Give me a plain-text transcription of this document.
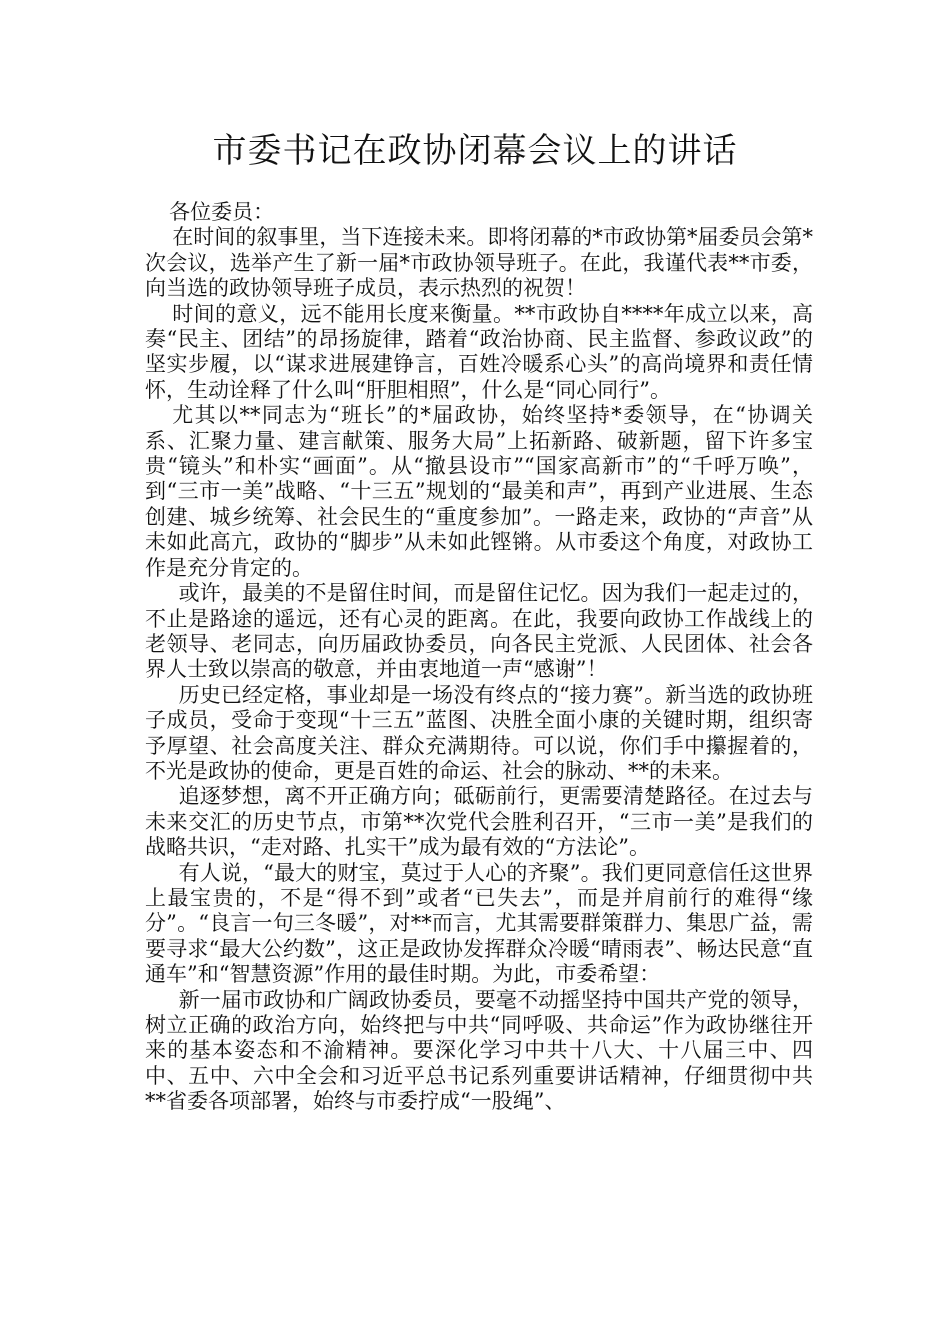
市委书记在政协闭幕会议上的讲话

各位委员：

在时间的叙事里，当下连接未来。即将闭幕的*市政协第*届委员会第*次会议，选举产生了新一届*市政协领导班子。在此，我谨代表**市委，向当选的政协领导班子成员，表示热烈的祝贺！

时间的意义，远不能用长度来衡量。**市政协自****年成立以来，高奏“民主、团结”的昂扬旋律，踏着“政治协商、民主监督、参政议政”的坚实步履，以“谋求进展建铮言，百姓冷暖系心头”的高尚境界和责任情怀，生动诠释了什么叫“肝胆相照”，什么是“同心同行”。

尤其以**同志为“班长”的*届政协，始终坚持*委领导，在“协调关系、汇聚力量、建言献策、服务大局”上拓新路、破新题，留下许多宝贵“镜头”和朴实“画面”。从“撤县设市”“国家高新市”的“千呼万唤”，到“三市一美”战略、“十三五”规划的“最美和声”，再到产业进展、生态创建、城乡统筹、社会民生的“重度参加”。一路走来，政协的“声音”从未如此高亢，政协的“脚步”从未如此铿锵。从市委这个角度，对政协工作是充分肯定的。

或许，最美的不是留住时间，而是留住记忆。因为我们一起走过的，不止是路途的遥远，还有心灵的距离。在此，我要向政协工作战线上的老领导、老同志，向历届政协委员，向各民主党派、人民团体、社会各界人士致以崇高的敬意，并由衷地道一声“感谢”！

历史已经定格，事业却是一场没有终点的“接力赛”。新当选的政协班子成员，受命于变现“十三五”蓝图、决胜全面小康的关键时期，组织寄予厚望、社会高度关注、群众充满期待。可以说，你们手中攥握着的，不光是政协的使命，更是百姓的命运、社会的脉动、**的未来。

追逐梦想，离不开正确方向；砥砺前行，更需要清楚路径。在过去与未来交汇的历史节点，市第**次党代会胜利召开，“三市一美”是我们的战略共识，“走对路、扎实干”成为最有效的“方法论”。

有人说，“最大的财宝，莫过于人心的齐聚”。我们更同意信任这世界上最宝贵的，不是“得不到”或者“已失去”，而是并肩前行的难得“缘分”。“良言一句三冬暖”，对**而言，尤其需要群策群力、集思广益，需要寻求“最大公约数”，这正是政协发挥群众冷暖“晴雨表”、畅达民意“直通车”和“智慧资源”作用的最佳时期。为此，市委希望：

新一届市政协和广阔政协委员，要毫不动摇坚持中国共产党的领导，树立正确的政治方向，始终把与中共“同呼吸、共命运”作为政协继往开来的基本姿态和不渝精神。要深化学习中共十八大、十八届三中、四中、五中、六中全会和习近平总书记系列重要讲话精神，仔细贯彻中共**省委各项部署，始终与市委拧成“一股绳”、
